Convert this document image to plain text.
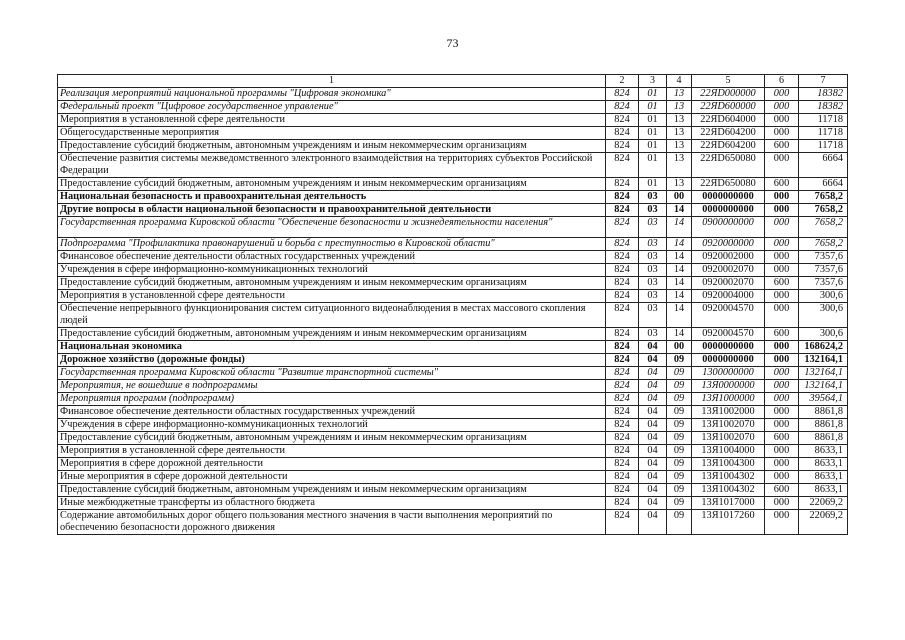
73
1	2	3	4	5	6	7
Реализация мероприятий национальной программы "Цифровая экономика"	824	01	13	22ЯD000000	000	18382
Федеральный проект "Цифровое государственное управление"	824	01	13	22ЯD600000	000	18382
Мероприятия в установленной сфере деятельности	824	01	13	22ЯD604000	000	11718
Общегосударственные мероприятия	824	01	13	22ЯD604200	000	11718
Предоставление субсидий бюджетным, автономным учреждениям и иным некоммерческим организациям	824	01	13	22ЯD604200	600	11718
Обеспечение развития системы межведомственного электронного взаимодействия на территориях субъектов Российской Федерации	824	01	13	22ЯD650080	000	6664
Предоставление субсидий бюджетным, автономным учреждениям и иным некоммерческим организациям	824	01	13	22ЯD650080	600	6664
Национальная безопасность и правоохранительная деятельность	824	03	00	0000000000	000	7658,2
Другие вопросы в области национальной безопасности и правоохранительной деятельности	824	03	14	0000000000	000	7658,2
Государственная программа Кировской области "Обеспечение безопасности и жизнедеятельности населения"	824	03	14	0900000000	000	7658,2
Подпрограмма "Профилактика правонарушений и борьба с преступностью в Кировской области"	824	03	14	0920000000	000	7658,2
Финансовое обеспечение деятельности областных государственных учреждений	824	03	14	0920002000	000	7357,6
Учреждения в сфере информационно-коммуникационных технологий	824	03	14	0920002070	000	7357,6
Предоставление субсидий бюджетным, автономным учреждениям и иным некоммерческим организациям	824	03	14	0920002070	600	7357,6
Мероприятия в установленной сфере деятельности	824	03	14	0920004000	000	300,6
Обеспечение непрерывного функционирования систем ситуационного видеонаблюдения в местах массового скопления людей	824	03	14	0920004570	000	300,6
Предоставление субсидий бюджетным, автономным учреждениям и иным некоммерческим организациям	824	03	14	0920004570	600	300,6
Национальная экономика	824	04	00	0000000000	000	168624,2
Дорожное хозяйство (дорожные фонды)	824	04	09	0000000000	000	132164,1
Государственная программа Кировской области "Развитие транспортной системы"	824	04	09	1300000000	000	132164,1
Мероприятия, не вошедшие в подпрограммы	824	04	09	13Я0000000	000	132164,1
Мероприятия программ (подпрограмм)	824	04	09	13Я1000000	000	39564,1
Финансовое обеспечение деятельности областных государственных учреждений	824	04	09	13Я1002000	000	8861,8
Учреждения в сфере информационно-коммуникационных технологий	824	04	09	13Я1002070	000	8861,8
Предоставление субсидий бюджетным, автономным учреждениям и иным некоммерческим организациям	824	04	09	13Я1002070	600	8861,8
Мероприятия в установленной сфере деятельности	824	04	09	13Я1004000	000	8633,1
Мероприятия в сфере дорожной деятельности	824	04	09	13Я1004300	000	8633,1
Иные мероприятия в сфере дорожной деятельности	824	04	09	13Я1004302	000	8633,1
Предоставление субсидий бюджетным, автономным учреждениям и иным некоммерческим организациям	824	04	09	13Я1004302	600	8633,1
Иные межбюджетные трансферты из областного бюджета	824	04	09	13Я1017000	000	22069,2
Содержание автомобильных дорог общего пользования местного значения в части выполнения мероприятий по обеспечению безопасности дорожного движения	824	04	09	13Я1017260	000	22069,2
